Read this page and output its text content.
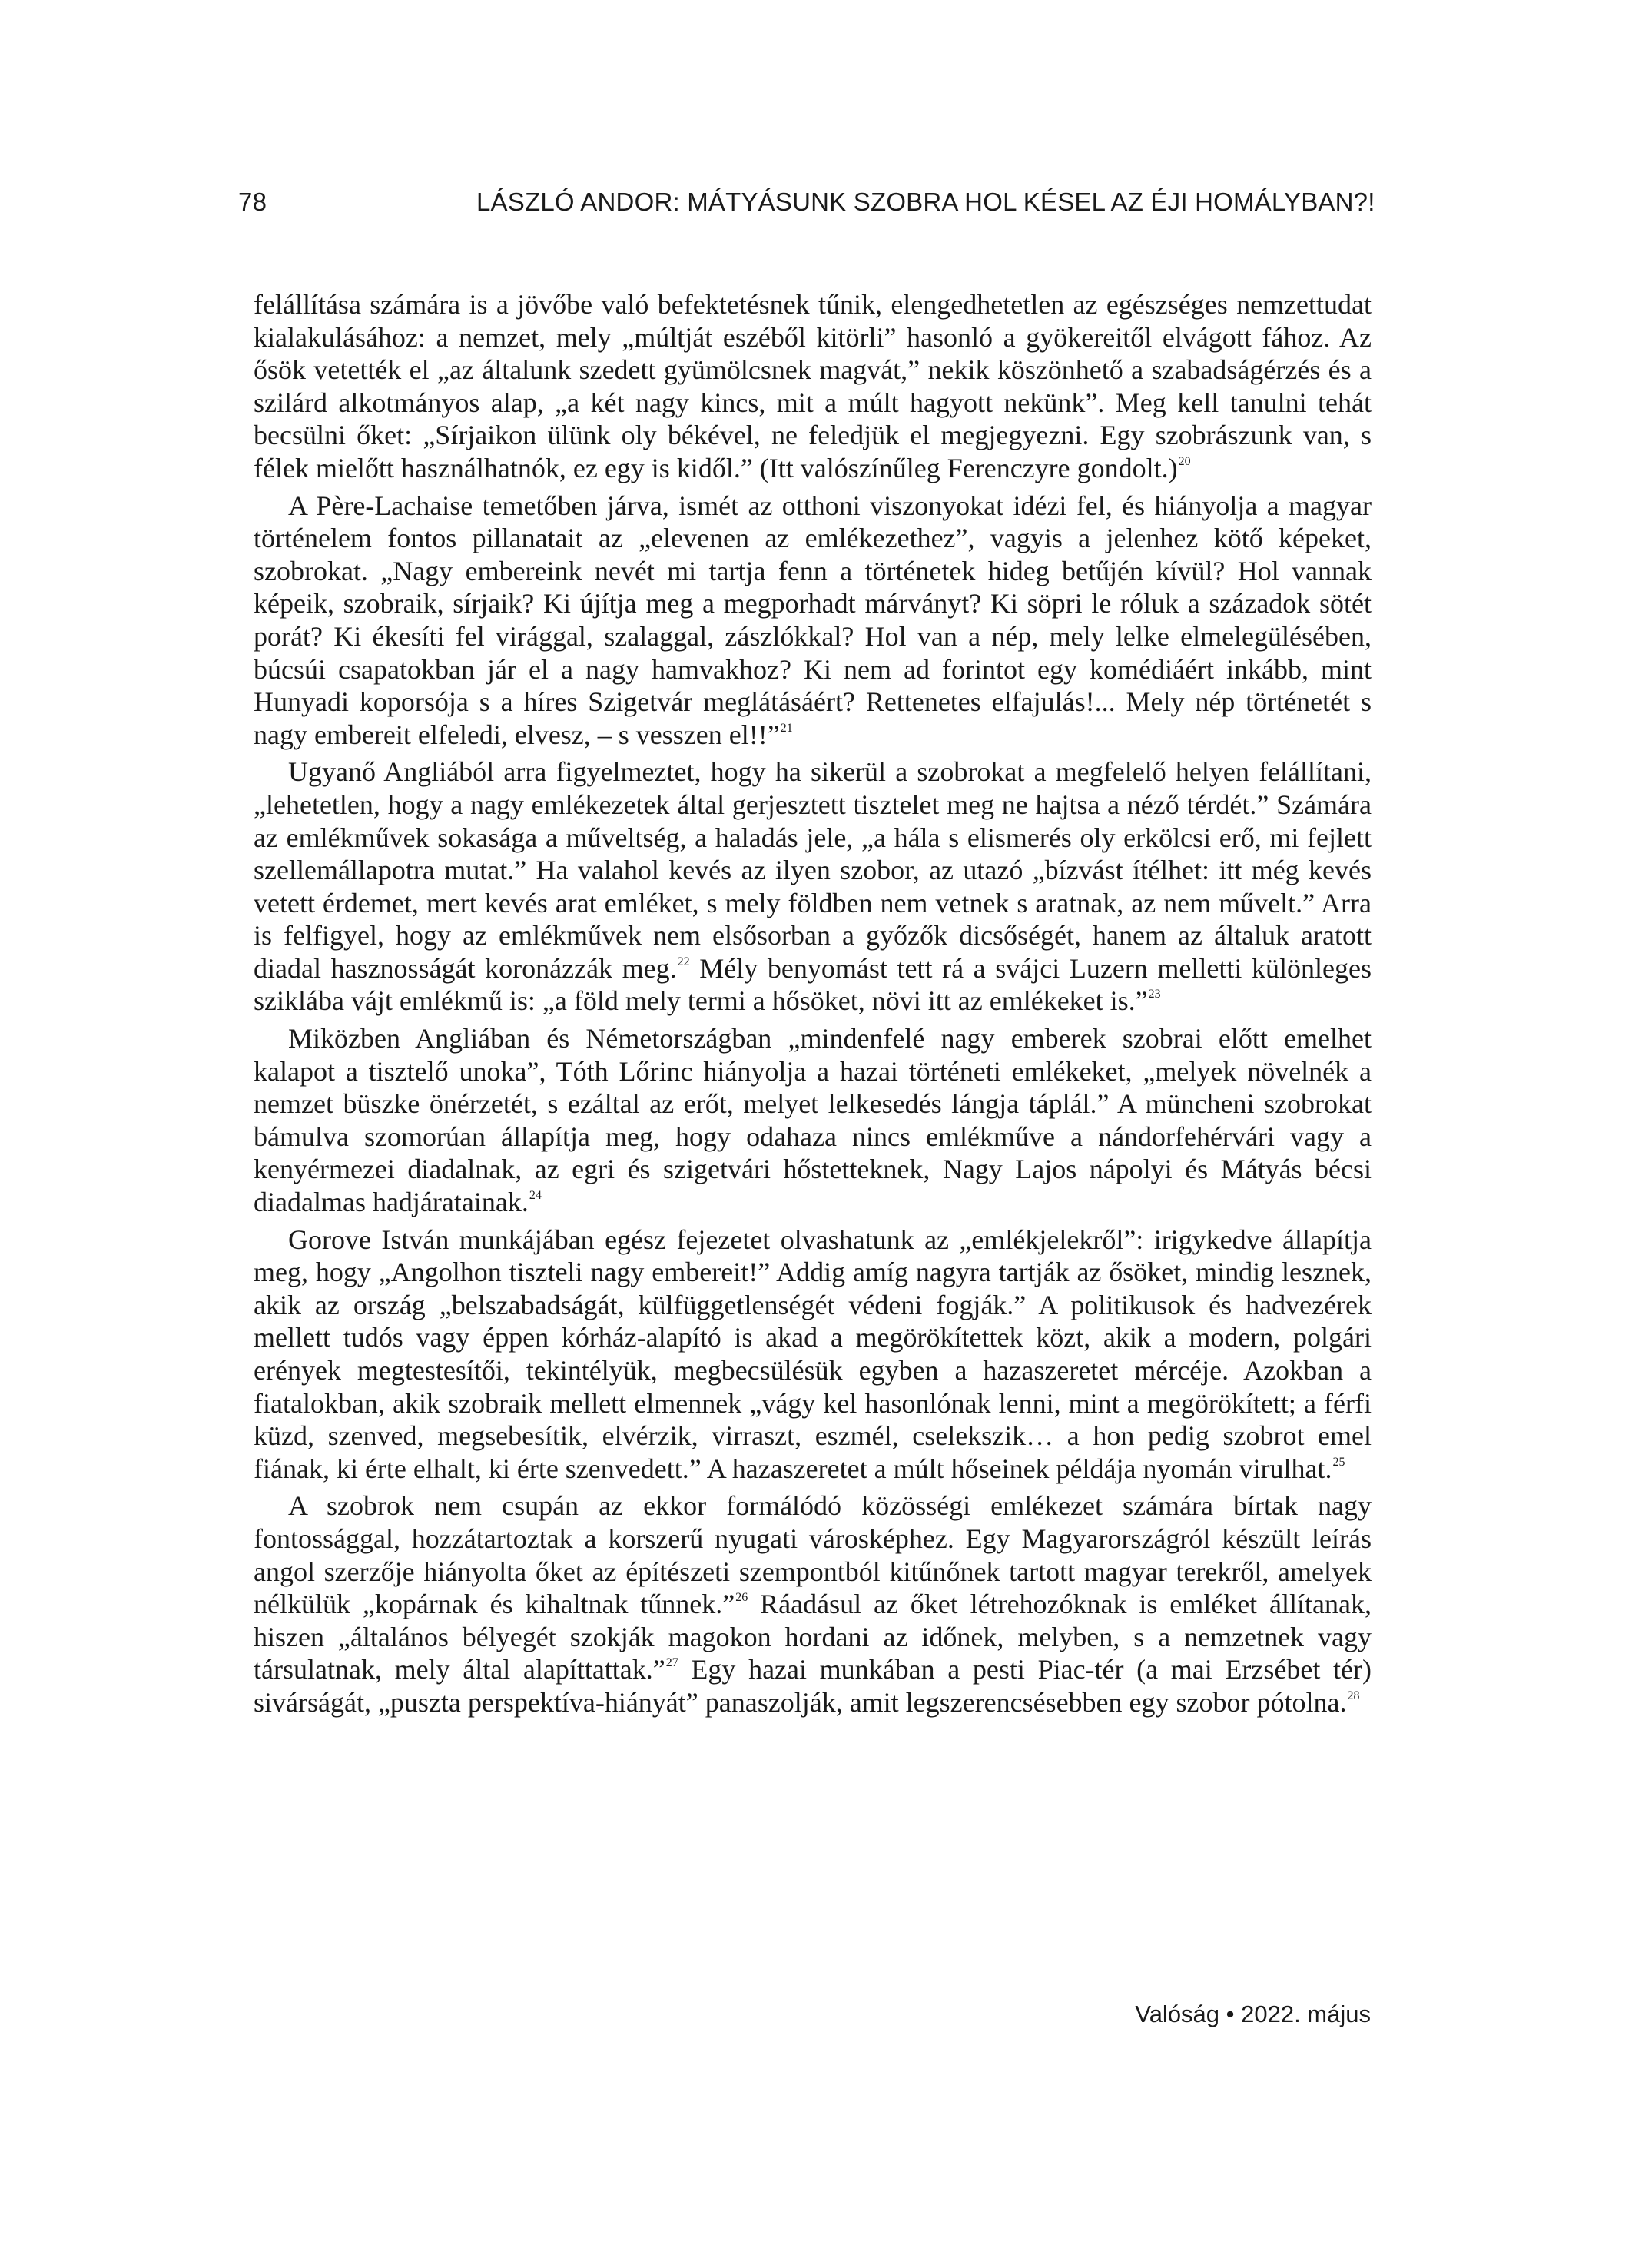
78	LÁSZLÓ ANDOR: MÁTYÁSUNK SZOBRA HOL KÉSEL AZ ÉJI HOMÁLYBAN?!

felállítása számára is a jövőbe való befektetésnek tűnik, elengedhetetlen az egészséges nemzettudat kialakulásához: a nemzet, mely „múltját eszéből kitörli” hasonló a gyökereitől elvágott fához. Az ősök vetették el „az általunk szedett gyümölcsnek magvát,” nekik köszönhető a szabadságérzés és a szilárd alkotmányos alap, „a két nagy kincs, mit a múlt hagyott nekünk”. Meg kell tanulni tehát becsülni őket: „Sírjaikon ülünk oly békével, ne feledjük el megjegyezni. Egy szobrászunk van, s félek mielőtt használhatnók, ez egy is kidől.” (Itt valószínűleg Ferenczyre gondolt.)$^{20}$

A Père-Lachaise temetőben járva, ismét az otthoni viszonyokat idézi fel, és hiányolja a magyar történelem fontos pillanatait az „elevenen az emlékezethez”, vagyis a jelenhez kötő képeket, szobrokat. „Nagy embereink nevét mi tartja fenn a történetek hideg betűjén kívül? Hol vannak képeik, szobraik, sírjaik? Ki újítja meg a megporhadt márványt? Ki söpri le róluk a századok sötét porát? Ki ékesíti fel virággal, szalaggal, zászlókkal? Hol van a nép, mely lelke elmelegülésében, búcsúi csapatokban jár el a nagy hamvakhoz? Ki nem ad forintot egy komédiáért inkább, mint Hunyadi koporsója s a híres Szigetvár meglátásáért? Rettenetes elfajulás!... Mely nép történetét s nagy embereit elfeledi, elvesz, – s vesszen el!!”$^{21}$

Ugyanő Angliából arra figyelmeztet, hogy ha sikerül a szobrokat a megfelelő helyen felállítani, „lehetetlen, hogy a nagy emlékezetek által gerjesztett tisztelet meg ne hajtsa a néző térdét.” Számára az emlékművek sokasága a műveltség, a haladás jele, „a hála s elismerés oly erkölcsi erő, mi fejlett szellemállapotra mutat.” Ha valahol kevés az ilyen szobor, az utazó „bízvást ítélhet: itt még kevés vetett érdemet, mert kevés arat emléket, s mely földben nem vetnek s aratnak, az nem művelt.” Arra is felfigyel, hogy az emlékművek nem elsősorban a győzők dicsőségét, hanem az általuk aratott diadal hasznosságát koronázzák meg.$^{22}$ Mély benyomást tett rá a svájci Luzern melletti különleges sziklába vájt emlékmű is: „a föld mely termi a hősöket, növi itt az emlékeket is.”$^{23}$

Miközben Angliában és Németországban „mindenfelé nagy emberek szobrai előtt emelhet kalapot a tisztelő unoka”, Tóth Lőrinc hiányolja a hazai történeti emlékeket, „melyek növelnék a nemzet büszke önérzetét, s ezáltal az erőt, melyet lelkesedés lángja táplál.” A müncheni szobrokat bámulva szomorúan állapítja meg, hogy odahaza nincs emlékműve a nándorfehérvári vagy a kenyérmezei diadalnak, az egri és szigetvári hőstetteknek, Nagy Lajos nápolyi és Mátyás bécsi diadalmas hadjáratainak.$^{24}$

Gorove István munkájában egész fejezetet olvashatunk az „emlékjelekről”: irigykedve állapítja meg, hogy „Angolhon tiszteli nagy embereit!” Addig amíg nagyra tartják az ősöket, mindig lesznek, akik az ország „belszabadságát, külfüggetlenségét védeni fogják.” A politikusok és hadvezérek mellett tudós vagy éppen kórház-alapító is akad a megörökítettek közt, akik a modern, polgári erények megtestesítői, tekintélyük, megbecsülésük egyben a hazaszeretet mércéje. Azokban a fiatalokban, akik szobraik mellett elmennek „vágy kel hasonlónak lenni, mint a megörökített; a férfi küzd, szenved, megsebesítik, elvérzik, virraszt, eszmél, cselekszik… a hon pedig szobrot emel fiának, ki érte elhalt, ki érte szenvedett.” A hazaszeretet a múlt hőseinek példája nyomán virulhat.$^{25}$

A szobrok nem csupán az ekkor formálódó közösségi emlékezet számára bírtak nagy fontossággal, hozzátartoztak a korszerű nyugati városképhez. Egy Magyarországról készült leírás angol szerzője hiányolta őket az építészeti szempontból kitűnőnek tartott magyar terekről, amelyek nélkülük „kopárnak és kihaltnak tűnnek.”$^{26}$ Ráadásul az őket létrehozóknak is emléket állítanak, hiszen „általános bélyegét szokják magokon hordani az időnek, melyben, s a nemzetnek vagy társulatnak, mely által alapíttattak.”$^{27}$ Egy hazai munkában a pesti Piac-tér (a mai Erzsébet tér) sivárságát, „puszta perspektíva-hiányát” panaszolják, amit legszerencsésebben egy szobor pótolna.$^{28}$

Valóság • 2022. május
